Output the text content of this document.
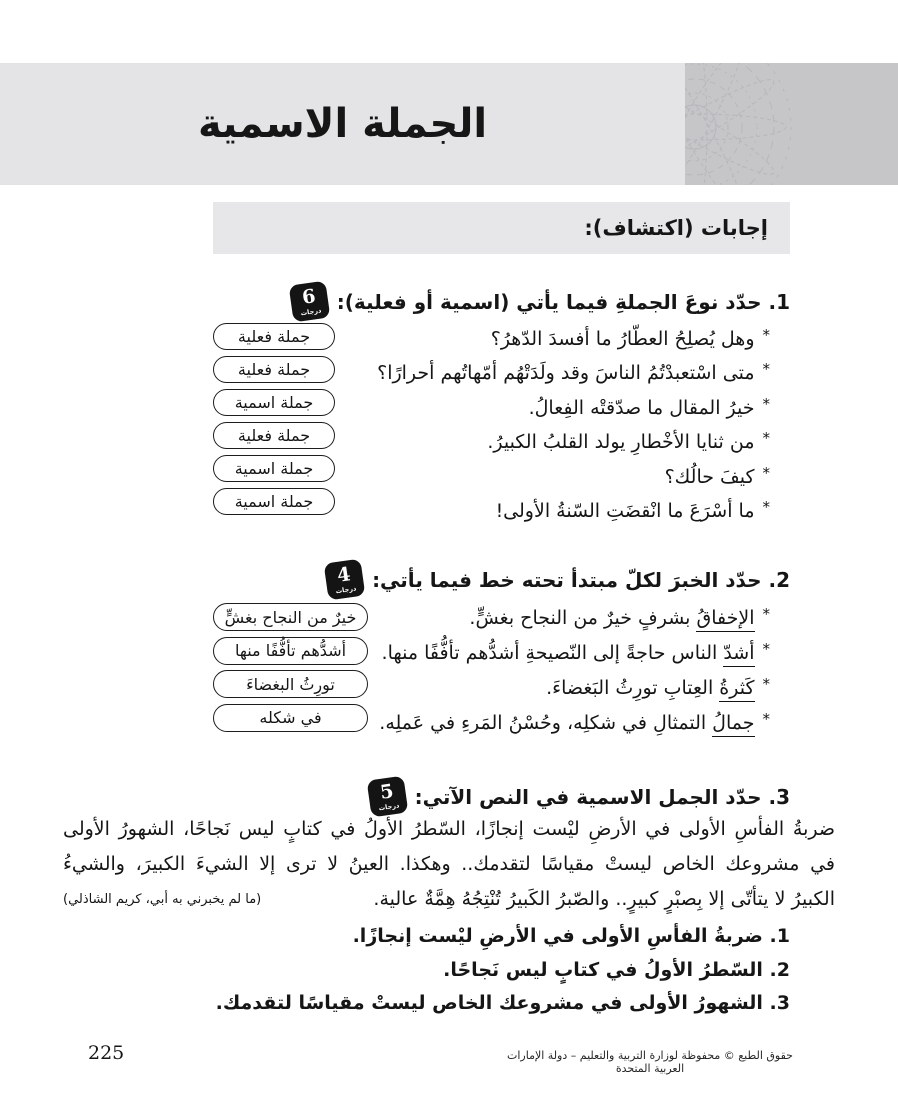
الجملة الاسمية
إجابات (اكتشاف):
1. حدّد نوعَ الجملةِ فيما يأتي (اسمية أو فعلية):
6
درجات
*وهل يُصلِحُ العطّارُ ما أفسدَ الدّهرُ؟
*متى اسْتعبدْتُمُ الناسَ وقد ولَدَتْهُم أمّهاتُهم أحرارًا؟
*خيرُ المقال ما صدّقتْه الفِعالُ.
*من ثنايا الأخْطارِ يولد القلبُ الكبيرُ.
*كيفَ حالُك؟
*ما أسْرَعَ ما انْقضَتِ السّنةُ الأولى!
جملة فعلية
جملة فعلية
جملة اسمية
جملة فعلية
جملة اسمية
جملة اسمية
2. حدّد الخبرَ لكلّ مبتدأ تحته خط فيما يأتي:
4
درجات
*الإخفاقُ بشرفٍ خيرٌ من النجاح بغشٍّ.
*أشدّ الناس حاجةً إلى النّصيحةِ أشدُّهم تأفُّفًا منها.
*كَثرةُ العِتابِ تورِثُ البَغضاءَ.
*جمالُ التمثالِ في شكلِه، وحُسْنُ المَرءِ في عَملِه.
خيرٌ من النجاح بغشٍّ
أشدُّهم تأفُّفًا منها
تورِثُ البغضاءَ
في شكله
3. حدّد الجمل الاسمية في النص الآتي:
5
درجات
ضربةُ الفأسِ الأولى في الأرضِ ليْست إنجازًا، السّطرُ الأولُ في كتابٍ ليس نَجاحًا، الشهورُ الأولى
في مشروعك الخاص ليستْ مقياسًا لتقدمك.. وهكذا. العينُ لا ترى إلا الشيءَ الكبيرَ، والشيءُ
الكبيرُ لا يتأتّى إلا بِصبْرٍ كبيرٍ.. والصّبرُ الكَبيرُ تُنْتِجُهُ هِمَّةٌ عالية.
(ما لم يخبرني به أبي، كريم الشاذلي)
1. ضربةُ الفأسِ الأولى في الأرضِ ليْست إنجازًا.
2. السّطرُ الأولُ في كتابٍ ليس نَجاحًا.
3. الشهورُ الأولى في مشروعك الخاص ليستْ مقياسًا لتقدمك.
225	حقوق الطبع © محفوظة لوزارة التربية والتعليم – دولة الإمارات العربية المتحدة
